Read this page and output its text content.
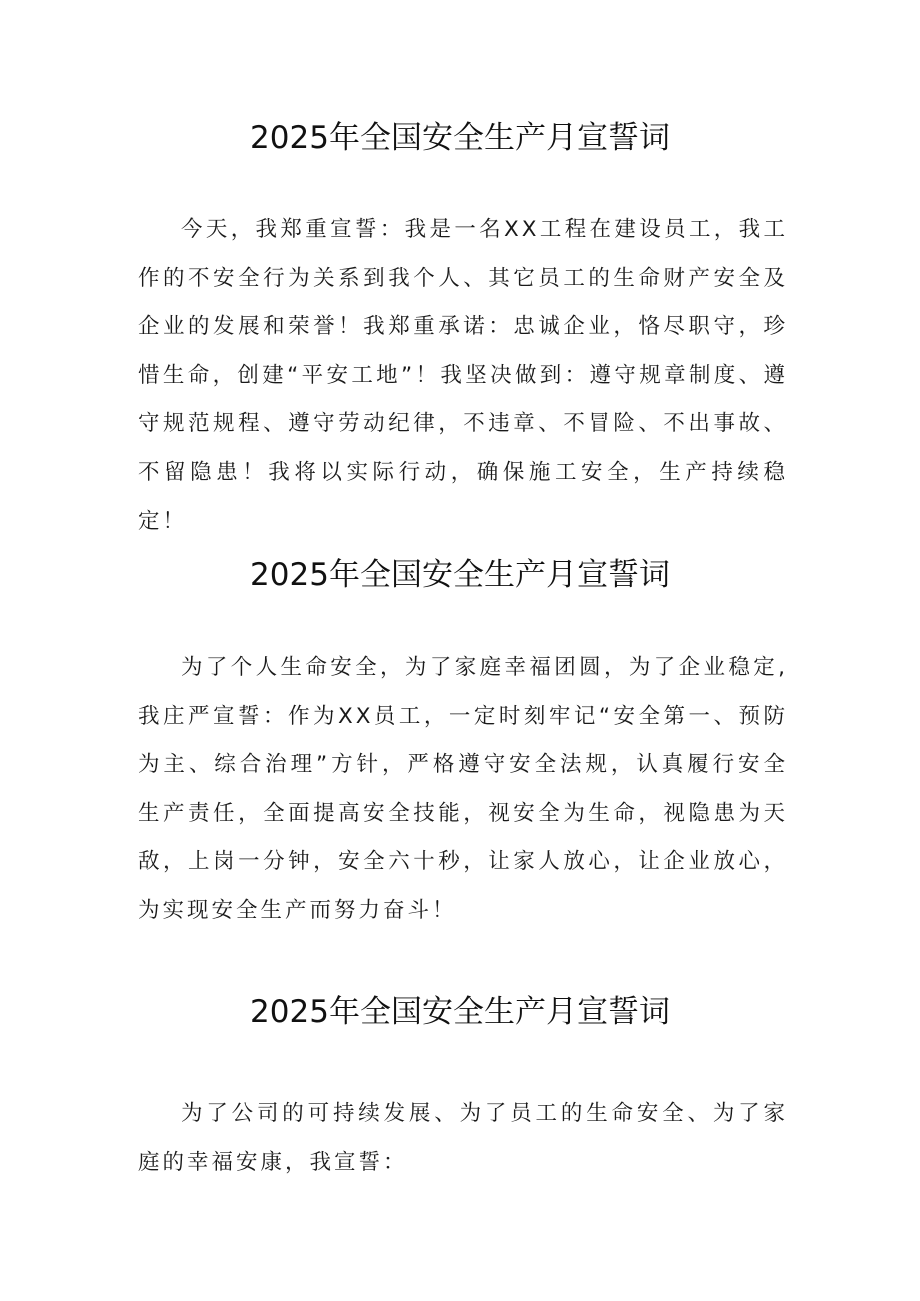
2025年全国安全生产月宣誓词

今天，我郑重宣誓：我是一名XX工程在建设员工，我工作的不安全行为关系到我个人、其它员工的生命财产安全及企业的发展和荣誉！我郑重承诺：忠诚企业，恪尽职守，珍惜生命，创建“平安工地”！我坚决做到：遵守规章制度、遵守规范规程、遵守劳动纪律，不违章、不冒险、不出事故、不留隐患！我将以实际行动，确保施工安全，生产持续稳定！

2025年全国安全生产月宣誓词

为了个人生命安全，为了家庭幸福团圆，为了企业稳定,我庄严宣誓：作为XX员工，一定时刻牢记“安全第一、预防为主、综合治理”方针，严格遵守安全法规，认真履行安全生产责任，全面提高安全技能，视安全为生命，视隐患为天敌，上岗一分钟，安全六十秒，让家人放心，让企业放心，为实现安全生产而努力奋斗！

2025年全国安全生产月宣誓词

为了公司的可持续发展、为了员工的生命安全、为了家庭的幸福安康，我宣誓：
